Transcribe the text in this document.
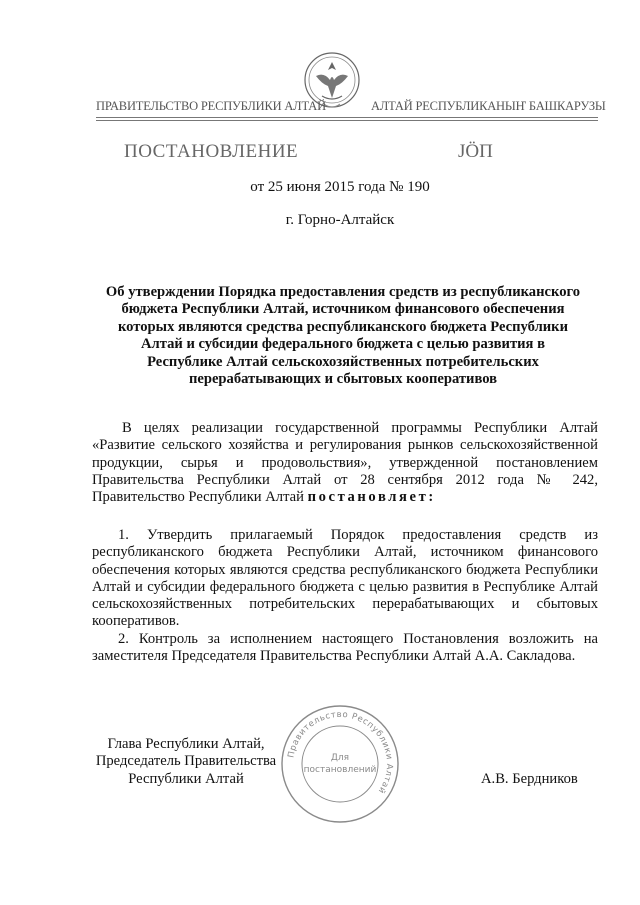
ПРАВИТЕЛЬСТВО РЕСПУБЛИКИ АЛТАЙ	АЛТАЙ РЕСПУБЛИКАНЫҤ БАШКАРУЗЫ
ПОСТАНОВЛЕНИЕ	JӦП
от 25 июня 2015 года № 190
г. Горно-Алтайск
Об утверждении Порядка предоставления средств из республиканского
бюджета Республики Алтай, источником финансового обеспечения
которых являются средства республиканского бюджета Республики
Алтай и субсидии федерального бюджета с целью развития в
Республике Алтай сельскохозяйственных потребительских
перерабатывающих и сбытовых кооперативов
В целях реализации государственной программы Республики Алтай «Развитие сельского хозяйства и регулирования рынков сельскохозяйственной продукции, сырья и продовольствия», утвержденной постановлением Правительства Республики Алтай от 28 сентября 2012 года № 242, Правительство Республики Алтай постановляет:
1. Утвердить прилагаемый Порядок предоставления средств из республиканского бюджета Республики Алтай, источником финансового обеспечения которых являются средства республиканского бюджета Республики Алтай и субсидии федерального бюджета с целью развития в Республике Алтай сельскохозяйственных потребительских перерабатывающих и сбытовых кооперативов.
2. Контроль за исполнением настоящего Постановления возложить на заместителя Председателя Правительства Республики Алтай А.А. Сакладова.
Глава Республики Алтай,
Председатель Правительства
Республики Алтай	А.В. Бердников
Правительство Республики Алтай
Для
постановлений
